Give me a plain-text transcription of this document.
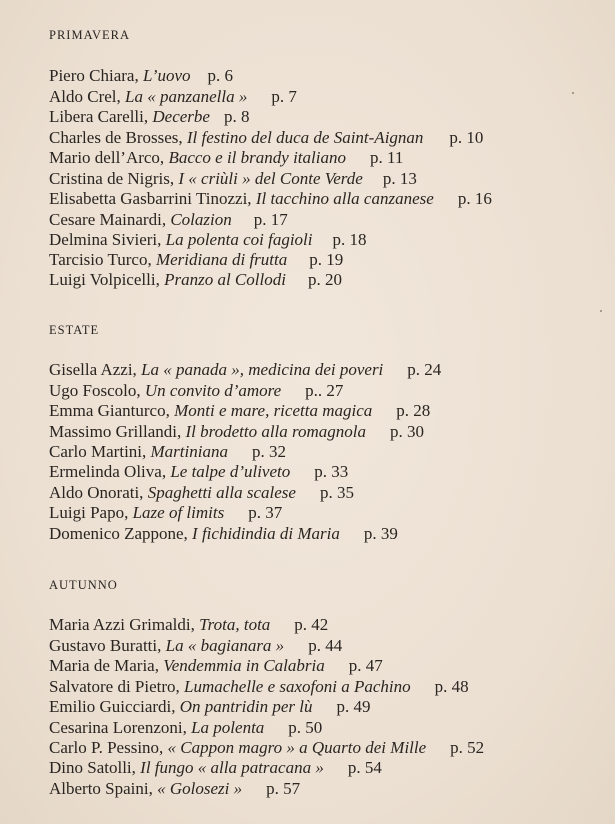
PRIMAVERA
Piero Chiara, L’uovo p. 6
Aldo Crel, La « panzanella » p. 7
Libera Carelli, Decerbe p. 8
Charles de Brosses, Il festino del duca de Saint-Aignan p. 10
Mario dell’Arco, Bacco e il brandy italiano p. 11
Cristina de Nigris, I « criùli » del Conte Verde p. 13
Elisabetta Gasbarrini Tinozzi, Il tacchino alla canzanese p. 16
Cesare Mainardi, Colazion p. 17
Delmina Sivieri, La polenta coi fagioli p. 18
Tarcisio Turco, Meridiana di frutta p. 19
Luigi Volpicelli, Pranzo al Collodi p. 20
ESTATE
Gisella Azzi, La « panada », medicina dei poveri p. 24
Ugo Foscolo, Un convito d’amore p.. 27
Emma Gianturco, Monti e mare, ricetta magica p. 28
Massimo Grillandi, Il brodetto alla romagnola p. 30
Carlo Martini, Martiniana p. 32
Ermelinda Oliva, Le talpe d’uliveto p. 33
Aldo Onorati, Spaghetti alla scalese p. 35
Luigi Papo, Laze of limits p. 37
Domenico Zappone, I fichidindia di Maria p. 39
AUTUNNO
Maria Azzi Grimaldi, Trota, tota p. 42
Gustavo Buratti, La « bagianara » p. 44
Maria de Maria, Vendemmia in Calabria p. 47
Salvatore di Pietro, Lumachelle e saxofoni a Pachino p. 48
Emilio Guicciardi, On pantridin per lù p. 49
Cesarina Lorenzoni, La polenta p. 50
Carlo P. Pessino, « Cappon magro » a Quarto dei Mille p. 52
Dino Satolli, Il fungo « alla patracana » p. 54
Alberto Spaini, « Golosezi » p. 57
